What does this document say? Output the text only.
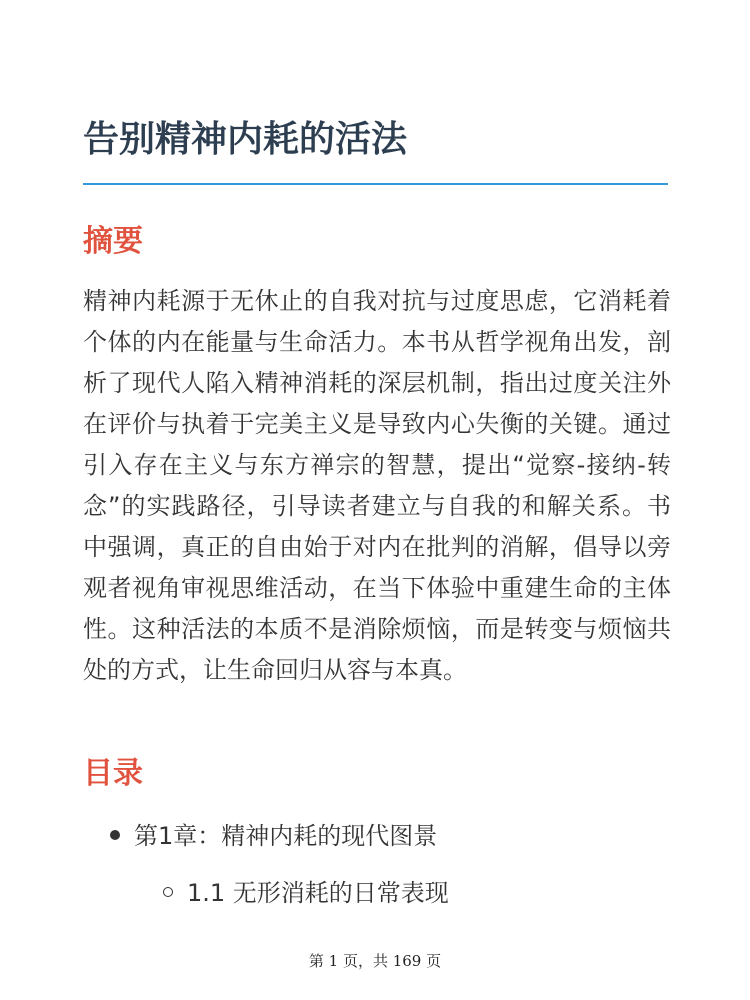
告别精神内耗的活法
摘要

精神内耗源于无休止的自我对抗与过度思虑，它消耗着个体的内在能量与生命活力。本书从哲学视角出发，剖析了现代人陷入精神消耗的深层机制，指出过度关注外在评价与执着于完美主义是导致内心失衡的关键。通过引入存在主义与东方禅宗的智慧，提出“觉察-接纳-转念”的实践路径，引导读者建立与自我的和解关系。书中强调，真正的自由始于对内在批判的消解，倡导以旁观者视角审视思维活动，在当下体验中重建生命的主体性。这种活法的本质不是消除烦恼，而是转变与烦恼共处的方式，让生命回归从容与本真。

目录
第1章：精神内耗的现代图景
1.1 无形消耗的日常表现
第 1 页，共 169 页
